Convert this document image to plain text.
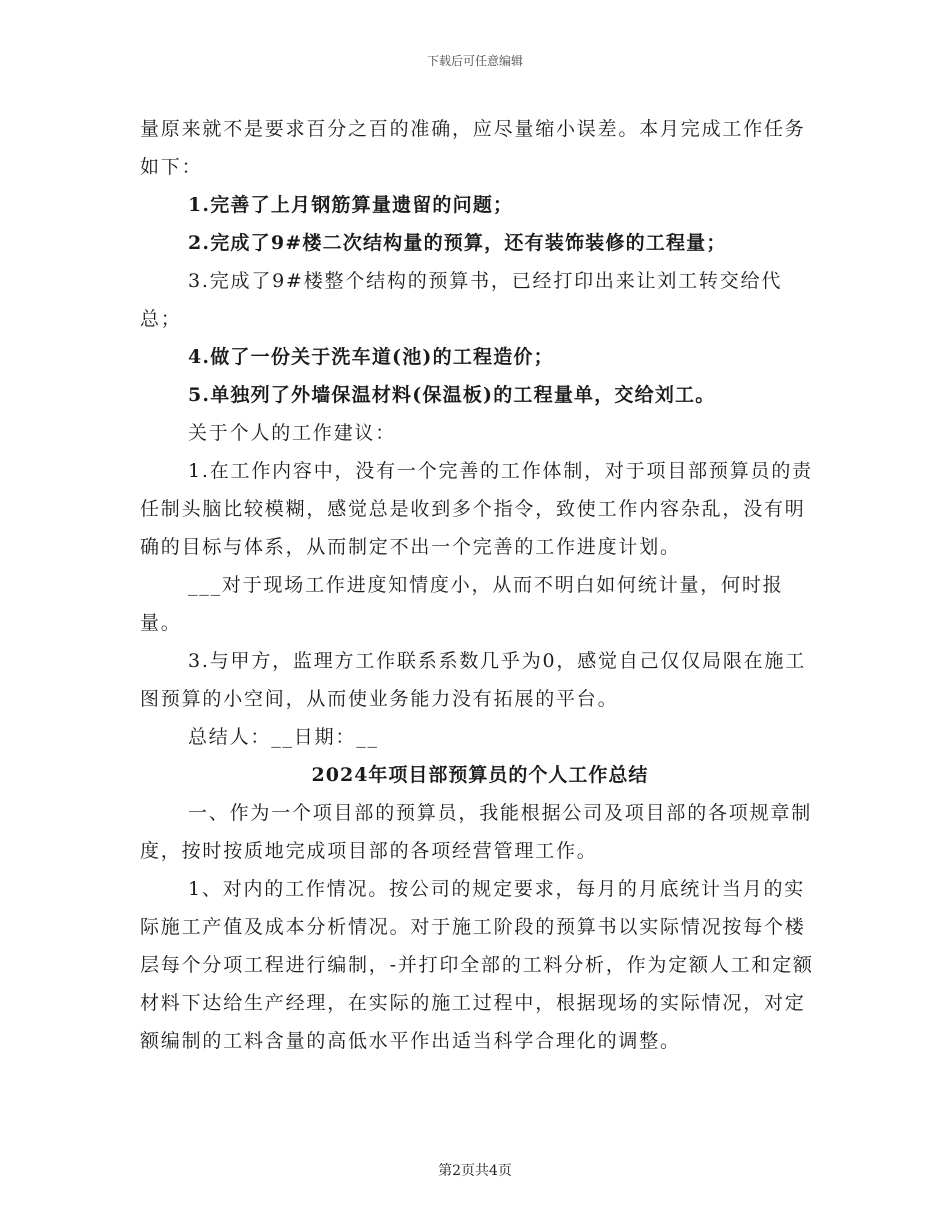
下载后可任意编辑

量原来就不是要求百分之百的准确，应尽量缩小误差。本月完成工作任务如下：

1.完善了上月钢筋算量遗留的问题；

2.完成了9#楼二次结构量的预算，还有装饰装修的工程量；

3.完成了9#楼整个结构的预算书，已经打印出来让刘工转交给代总；

4.做了一份关于洗车道(池)的工程造价；

5.单独列了外墙保温材料(保温板)的工程量单，交给刘工。

关于个人的工作建议：

1.在工作内容中，没有一个完善的工作体制，对于项目部预算员的责任制头脑比较模糊，感觉总是收到多个指令，致使工作内容杂乱，没有明确的目标与体系，从而制定不出一个完善的工作进度计划。

___对于现场工作进度知情度小，从而不明白如何统计量，何时报量。

3.与甲方，监理方工作联系系数几乎为0，感觉自己仅仅局限在施工图预算的小空间，从而使业务能力没有拓展的平台。

总结人：__日期：__

2024年项目部预算员的个人工作总结

一、作为一个项目部的预算员，我能根据公司及项目部的各项规章制度，按时按质地完成项目部的各项经营管理工作。

1、对内的工作情况。按公司的规定要求，每月的月底统计当月的实际施工产值及成本分析情况。对于施工阶段的预算书以实际情况按每个楼层每个分项工程进行编制，-并打印全部的工料分析，作为定额人工和定额材料下达给生产经理，在实际的施工过程中，根据现场的实际情况，对定额编制的工料含量的高低水平作出适当科学合理化的调整。

第2页共4页
